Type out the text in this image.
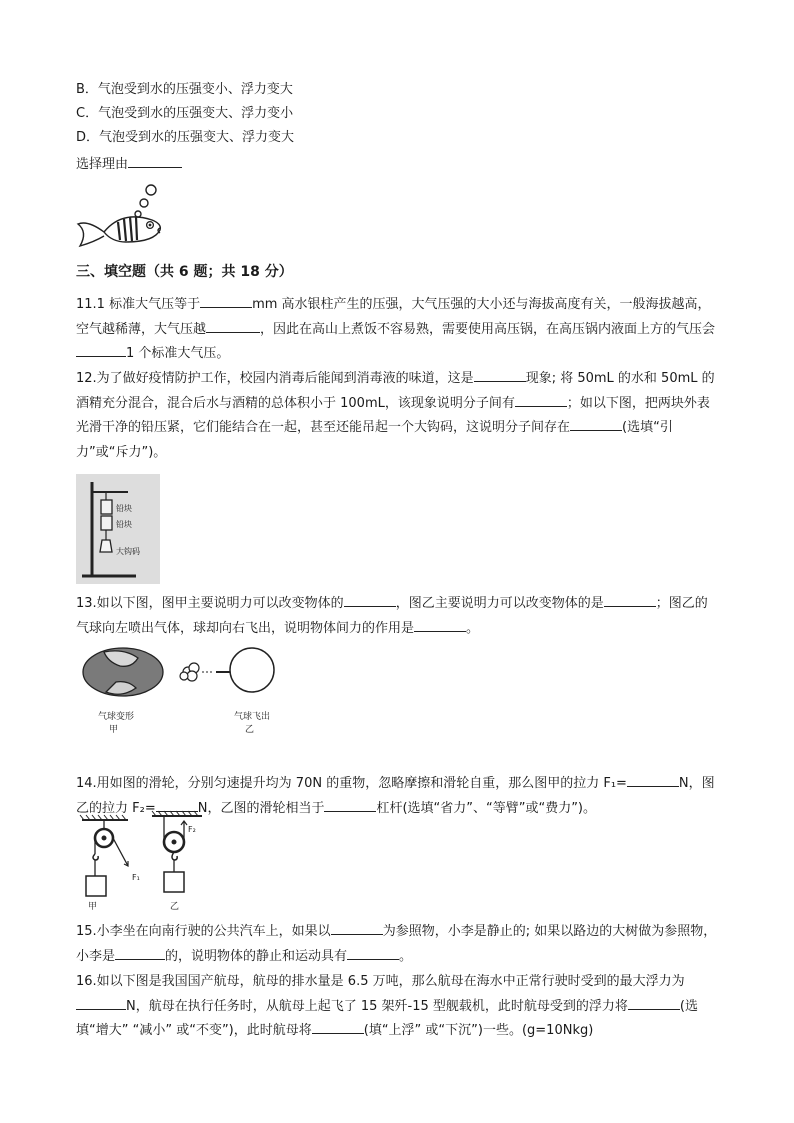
B．气泡受到水的压强变小、浮力变大
C．气泡受到水的压强变大、浮力变小
D．气泡受到水的压强变大、浮力变大
选择理由
三、填空题（共 6 题；共 18 分）
11.1 标准大气压等于	mm 高水银柱产生的压强，大气压强的大小还与海拔高度有关，一般海拔越高，空气越稀薄，大气压越	，因此在高山上煮饭不容易熟，需要使用高压锅，在高压锅内液面上方的气压会1 个标准大气压。
12.为了做好疫情防护工作，校园内消毒后能闻到消毒液的味道，这是	现象; 将 50mL 的水和 50mL 的酒精充分混合，混合后水与酒精的总体积小于 100mL，该现象说明分子间有	；如以下图，把两块外表光滑干净的铅压紧，它们能结合在一起，甚至还能吊起一个大钩码，这说明分子间存在	(选填“引力”或“斥力”)。
铅块
铅块
大钩码
13.如以下图，图甲主要说明力可以改变物体的	，图乙主要说明力可以改变物体的是	；图乙的气球向左喷出气体，球却向右飞出，说明物体间力的作用是	。
气球变形
甲
气球飞出
乙
14.用如图的滑轮，分别匀速提升均为 70N 的重物，忽略摩擦和滑轮自重，那么图甲的拉力 F₁=	N，图乙的拉力 F₂=	N，乙图的滑轮相当于	杠杆(选填“省力”、“等臂”或“费力”)。
F₁
F₂
甲	乙
15.小李坐在向南行驶的公共汽车上，如果以	为参照物，小李是静止的; 如果以路边的大树做为参照物，小李是	的，说明物体的静止和运动具有	。
16.如以下图是我国国产航母，航母的排水量是 6.5 万吨，那么航母在海水中正常行驶时受到的最大浮力为N，航母在执行任务时，从航母上起飞了 15 架歼-15 型舰载机，此时航母受到的浮力将	(选填“增大” “减小” 或“不变”)，此时航母将	(填“上浮” 或“下沉”)一些。(g=10Nkg)
